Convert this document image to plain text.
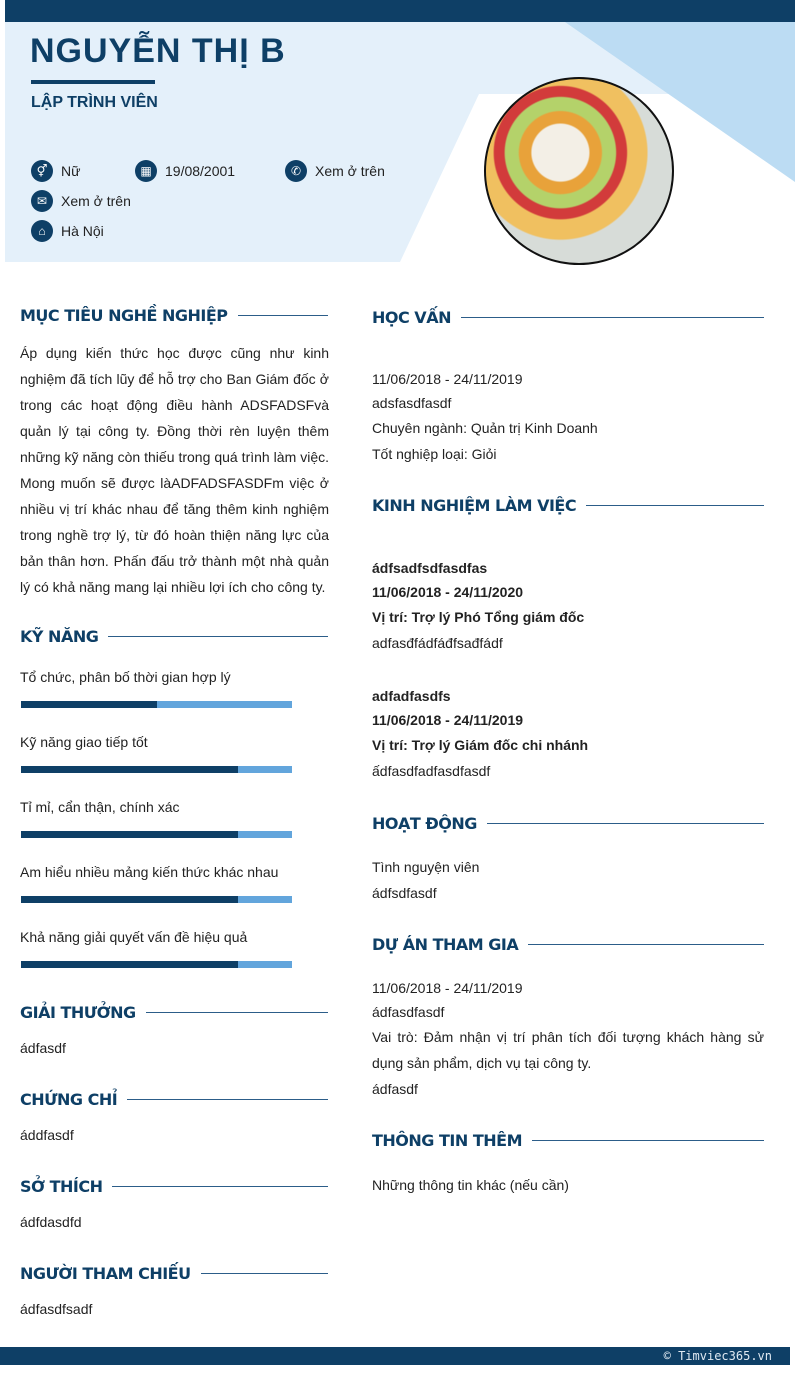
NGUYỄN THỊ B
LẬP TRÌNH VIÊN
⚥ Nữ	▦ 19/08/2001	✆ Xem ở trên
✉ Xem ở trên
⌂	Hà Nội
MỤC TIÊU NGHỀ NGHIỆP
Áp dụng kiến thức học được cũng như kinh nghiệm đã tích lũy để hỗ trợ cho Ban Giám đốc ở trong các hoạt động điều hành ADSFADSFvà quản lý tại công ty. Đồng thời rèn luyện thêm những kỹ năng còn thiếu trong quá trình làm việc. Mong muốn sẽ được làADFADSFASDFm việc ở nhiều vị trí khác nhau để tăng thêm kinh nghiệm trong nghề trợ lý, từ đó hoàn thiện năng lực của bản thân hơn. Phấn đấu trở thành một nhà quản lý có khả năng mang lại nhiều lợi ích cho công ty.
KỸ NĂNG
Tổ chức, phân bố thời gian hợp lý
Kỹ năng giao tiếp tốt
Tỉ mỉ, cẩn thận, chính xác
Am hiểu nhiều mảng kiến thức khác nhau
Khả năng giải quyết vấn đề hiệu quả
GIẢI THƯỞNG
ádfasdf
CHỨNG CHỈ
áddfasdf
SỞ THÍCH
ádfdasdfd
NGƯỜI THAM CHIẾU
ádfasdfsadf
HỌC VẤN
11/06/2018 - 24/11/2019
adsfasdfasdf
Chuyên ngành: Quản trị Kinh Doanh
Tốt nghiệp loại: Giỏi
KINH NGHIỆM LÀM VIỆC
ádfsadfsdfasdfas
11/06/2018 - 24/11/2020
Vị trí: Trợ lý Phó Tổng giám đốc
adfasđfádfáđfsađfádf
adfadfasdfs
11/06/2018 - 24/11/2019
Vị trí: Trợ lý Giám đốc chi nhánh
ấdfasdfadfasdfasdf
HOẠT ĐỘNG
Tình nguyện viên
ádfsdfasdf
DỰ ÁN THAM GIA
11/06/2018 - 24/11/2019
ádfasdfasdf
Vai trò: Đảm nhận vị trí phân tích đối tượng khách hàng sử dụng sản phẩm, dịch vụ tại công ty.
ádfasdf
THÔNG TIN THÊM
Những thông tin khác (nếu cần)
© Timviec365.vn
